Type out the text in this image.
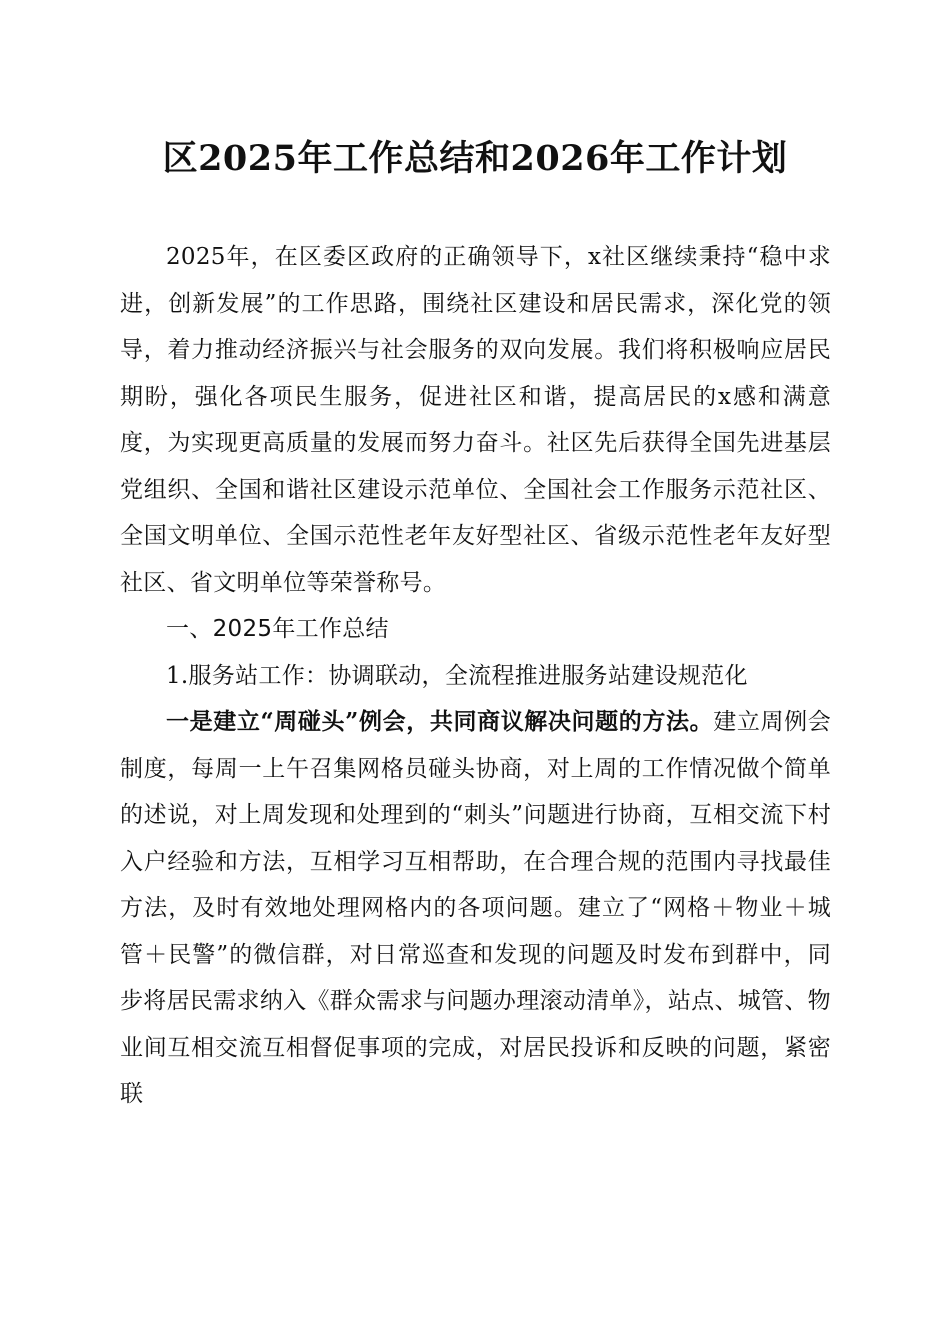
区2025年工作总结和2026年工作计划

2025年，在区委区政府的正确领导下，x社区继续秉持“稳中求进，创新发展”的工作思路，围绕社区建设和居民需求，深化党的领导，着力推动经济振兴与社会服务的双向发展。我们将积极响应居民期盼，强化各项民生服务，促进社区和谐，提高居民的x感和满意度，为实现更高质量的发展而努力奋斗。社区先后获得全国先进基层党组织、全国和谐社区建设示范单位、全国社会工作服务示范社区、全国文明单位、全国示范性老年友好型社区、省级示范性老年友好型社区、省文明单位等荣誉称号。

一、2025年工作总结

1.服务站工作：协调联动，全流程推进服务站建设规范化

一是建立“周碰头”例会，共同商议解决问题的方法。建立周例会制度，每周一上午召集网格员碰头协商，对上周的工作情况做个简单的述说，对上周发现和处理到的“刺头”问题进行协商，互相交流下村入户经验和方法，互相学习互相帮助，在合理合规的范围内寻找最佳方法，及时有效地处理网格内的各项问题。建立了“网格＋物业＋城管＋民警”的微信群，对日常巡查和发现的问题及时发布到群中，同步将居民需求纳入《群众需求与问题办理滚动清单》，站点、城管、物业间互相交流互相督促事项的完成，对居民投诉和反映的问题，紧密联
